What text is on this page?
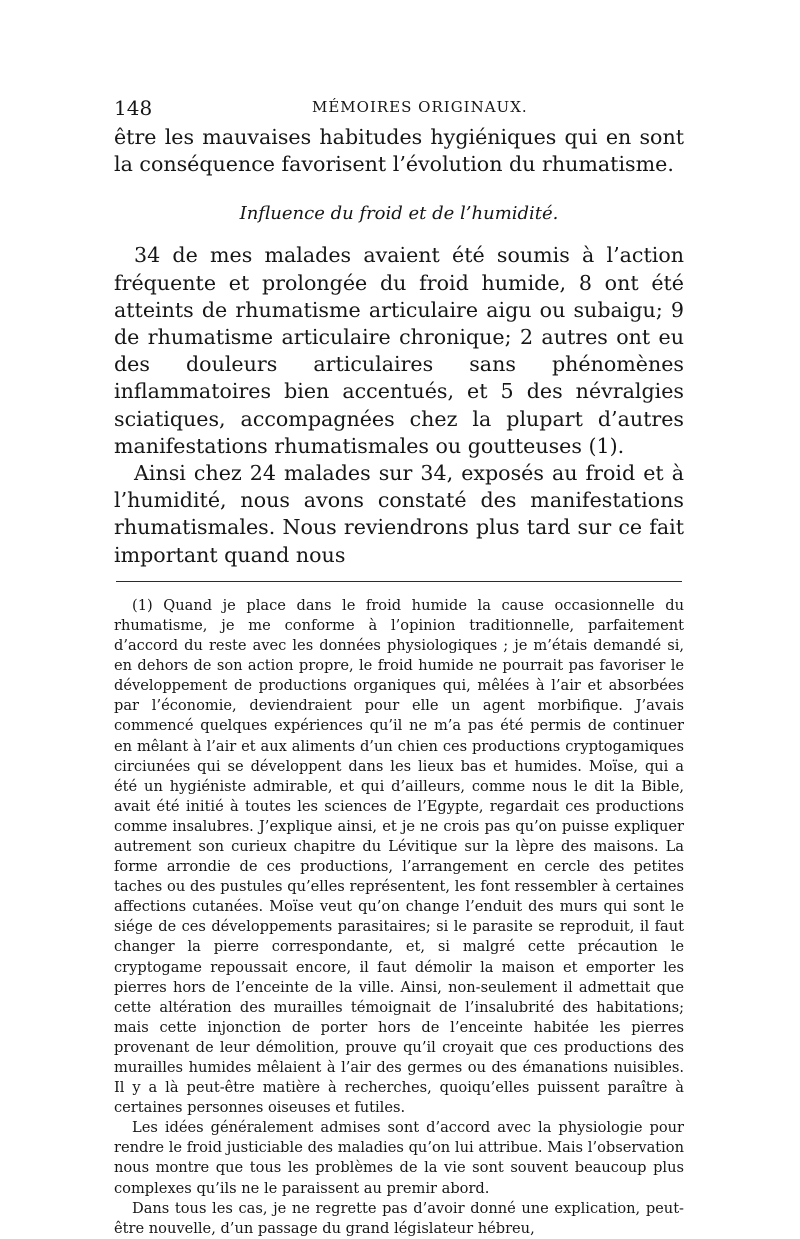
148	MÉMOIRES ORIGINAUX.

être les mauvaises habitudes hygiéniques qui en sont la conséquence favorisent l’évolution du rhumatisme.

Influence du froid et de l’humidité.

34 de mes malades avaient été soumis à l’action fréquente et prolongée du froid humide, 8 ont été atteints de rhumatisme articulaire aigu ou subaigu; 9 de rhumatisme articulaire chronique; 2 autres ont eu des douleurs articulaires sans phénomènes inflammatoires bien accentués, et 5 des névralgies sciatiques, accompagnées chez la plupart d’autres manifestations rhumatismales ou goutteuses (1).

Ainsi chez 24 malades sur 34, exposés au froid et à l’humidité, nous avons constaté des manifestations rhumatismales. Nous reviendrons plus tard sur ce fait important quand nous

(1) Quand je place dans le froid humide la cause occasionnelle du rhumatisme, je me conforme à l’opinion traditionnelle, parfaitement d’accord du reste avec les données physiologiques ; je m’étais demandé si, en dehors de son action propre, le froid humide ne pourrait pas favoriser le développement de productions organiques qui, mêlées à l’air et absorbées par l’économie, deviendraient pour elle un agent morbifique. J’avais commencé quelques expériences qu’il ne m’a pas été permis de continuer en mêlant à l’air et aux aliments d’un chien ces productions cryptogamiques circiunées qui se développent dans les lieux bas et humides. Moïse, qui a été un hygiéniste admirable, et qui d’ailleurs, comme nous le dit la Bible, avait été initié à toutes les sciences de l’Egypte, regardait ces productions comme insalubres. J’explique ainsi, et je ne crois pas qu’on puisse expliquer autrement son curieux chapitre du Lévitique sur la lèpre des maisons. La forme arrondie de ces productions, l’arrangement en cercle des petites taches ou des pustules qu’elles représentent, les font ressembler à certaines affections cutanées. Moïse veut qu’on change l’enduit des murs qui sont le siége de ces développements parasitaires; si le parasite se reproduit, il faut changer la pierre correspondante, et, si malgré cette précaution le cryptogame repoussait encore, il faut démolir la maison et emporter les pierres hors de l’enceinte de la ville. Ainsi, non-seulement il admettait que cette altération des murailles témoignait de l’insalubrité des habitations; mais cette injonction de porter hors de l’enceinte habitée les pierres provenant de leur démolition, prouve qu’il croyait que ces productions des murailles humides mêlaient à l’air des germes ou des émanations nuisibles. Il y a là peut-être matière à recherches, quoiqu’elles puissent paraître à certaines personnes oiseuses et futiles.

Les idées généralement admises sont d’accord avec la physiologie pour rendre le froid justiciable des maladies qu’on lui attribue. Mais l’observation nous montre que tous les problèmes de la vie sont souvent beaucoup plus complexes qu’ils ne le paraissent au premir abord.

Dans tous les cas, je ne regrette pas d’avoir donné une explication, peut-être nouvelle, d’un passage du grand législateur hébreu,
